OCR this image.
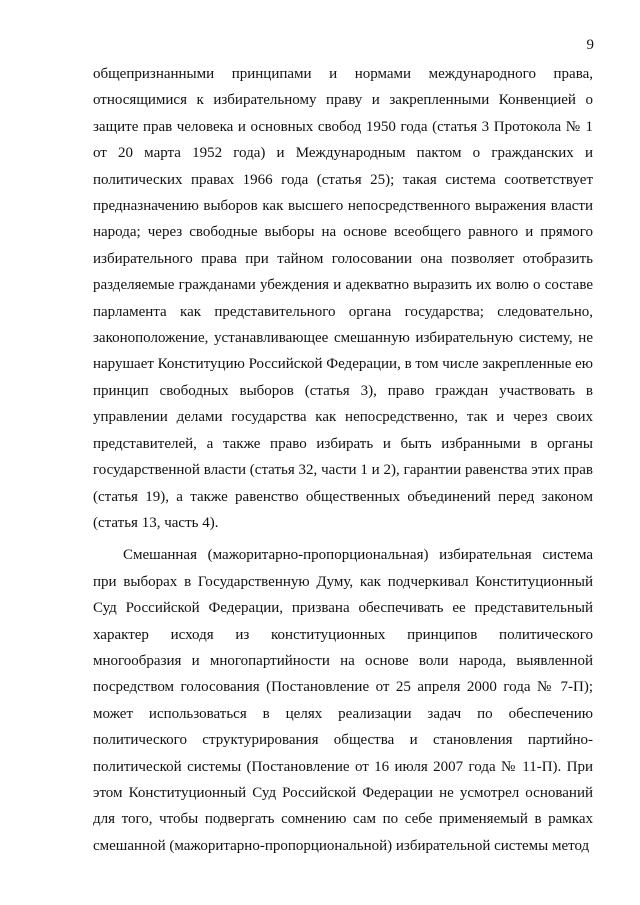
9

общепризнанными принципами и нормами международного права, относящимися к избирательному праву и закрепленными Конвенцией о защите прав человека и основных свобод 1950 года (статья 3 Протокола № 1 от 20 марта 1952 года) и Международным пактом о гражданских и политических правах 1966 года (статья 25); такая система соответствует предназначению выборов как высшего непосредственного выражения власти народа; через свободные выборы на основе всеобщего равного и прямого избирательного права при тайном голосовании она позволяет отобразить разделяемые гражданами убеждения и адекватно выразить их волю о составе парламента как представительного органа государства; следовательно, законоположение, устанавливающее смешанную избирательную систему, не нарушает Конституцию Российской Федерации, в том числе закрепленные ею принцип свободных выборов (статья 3), право граждан участвовать в управлении делами государства как непосредственно, так и через своих представителей, а также право избирать и быть избранными в органы государственной власти (статья 32, части 1 и 2), гарантии равенства этих прав (статья 19), а также равенство общественных объединений перед законом (статья 13, часть 4).

Смешанная (мажоритарно-пропорциональная) избирательная система при выборах в Государственную Думу, как подчеркивал Конституционный Суд Российской Федерации, призвана обеспечивать ее представительный характер исходя из конституционных принципов политического многообразия и многопартийности на основе воли народа, выявленной посредством голосования (Постановление от 25 апреля 2000 года № 7-П); может использоваться в целях реализации задач по обеспечению политического структурирования общества и становления партийно-политической системы (Постановление от 16 июля 2007 года № 11-П). При этом Конституционный Суд Российской Федерации не усмотрел оснований для того, чтобы подвергать сомнению сам по себе применяемый в рамках смешанной (мажоритарно-пропорциональной) избирательной системы метод
